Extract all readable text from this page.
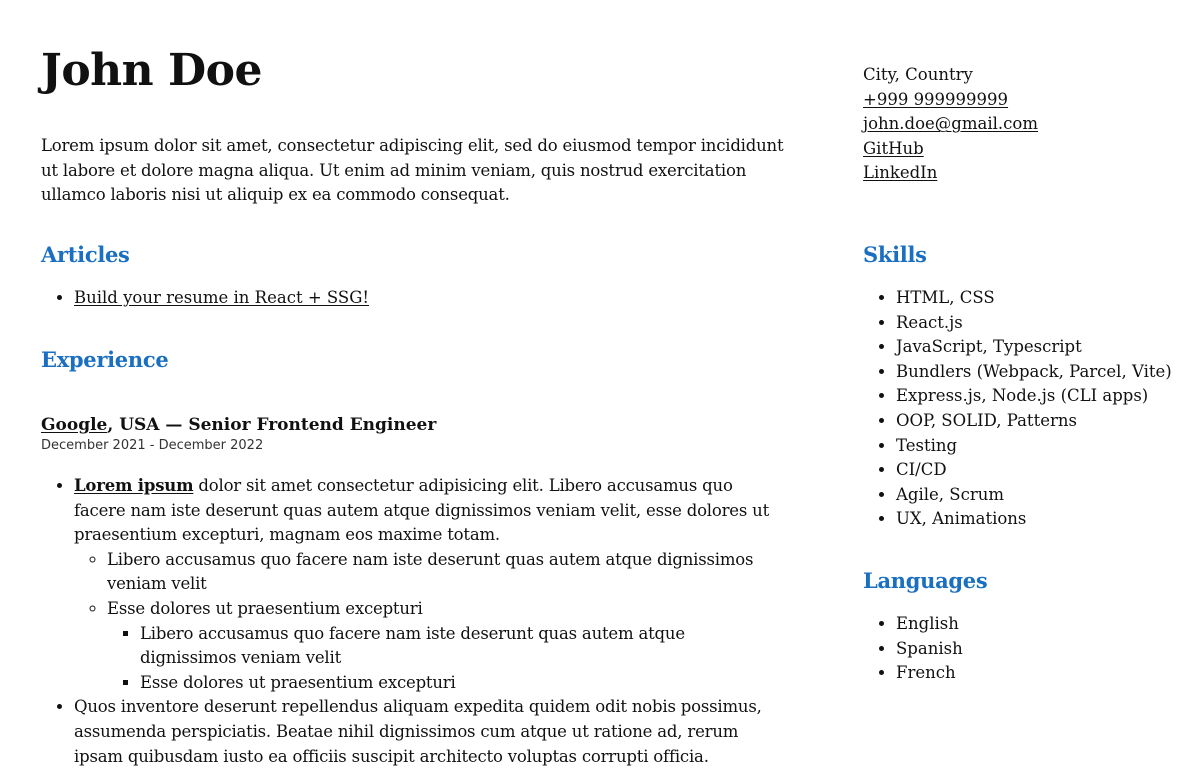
John Doe

Lorem ipsum dolor sit amet, consectetur adipiscing elit, sed do eiusmod tempor incididunt ut labore et dolore magna aliqua. Ut enim ad minim veniam, quis nostrud exercitation ullamco laboris nisi ut aliquip ex ea commodo consequat.

Articles
• Build your resume in React + SSG!
Experience

Google, USA — Senior Frontend Engineer

December 2021 - December 2022

• Lorem ipsum dolor sit amet consectetur adipisicing elit. Libero accusamus quo facere nam iste deserunt quas autem atque dignissimos veniam velit, esse dolores ut praesentium excepturi, magnam eos maxime totam.
◦ Libero accusamus quo facere nam iste deserunt quas autem atque dignissimos veniam velit
◦ Esse dolores ut praesentium excepturi
▪ Libero accusamus quo facere nam iste deserunt quas autem atque dignissimos veniam velit
▪ Esse dolores ut praesentium excepturi
• Quos inventore deserunt repellendus aliquam expedita quidem odit nobis possimus, assumenda perspiciatis. Beatae nihil dignissimos cum atque ut ratione ad, rerum ipsam quibusdam iusto ea officiis suscipit architecto voluptas corrupti officia.
City, Country
+999 999999999
john.doe@gmail.com
GitHub
LinkedIn
Skills
• HTML, CSS
• React.js
• JavaScript, Typescript
• Bundlers (Webpack, Parcel, Vite)
• Express.js, Node.js (CLI apps)
• OOP, SOLID, Patterns
• Testing
• CI/CD
• Agile, Scrum
• UX, Animations
Languages
• English
• Spanish
• French
